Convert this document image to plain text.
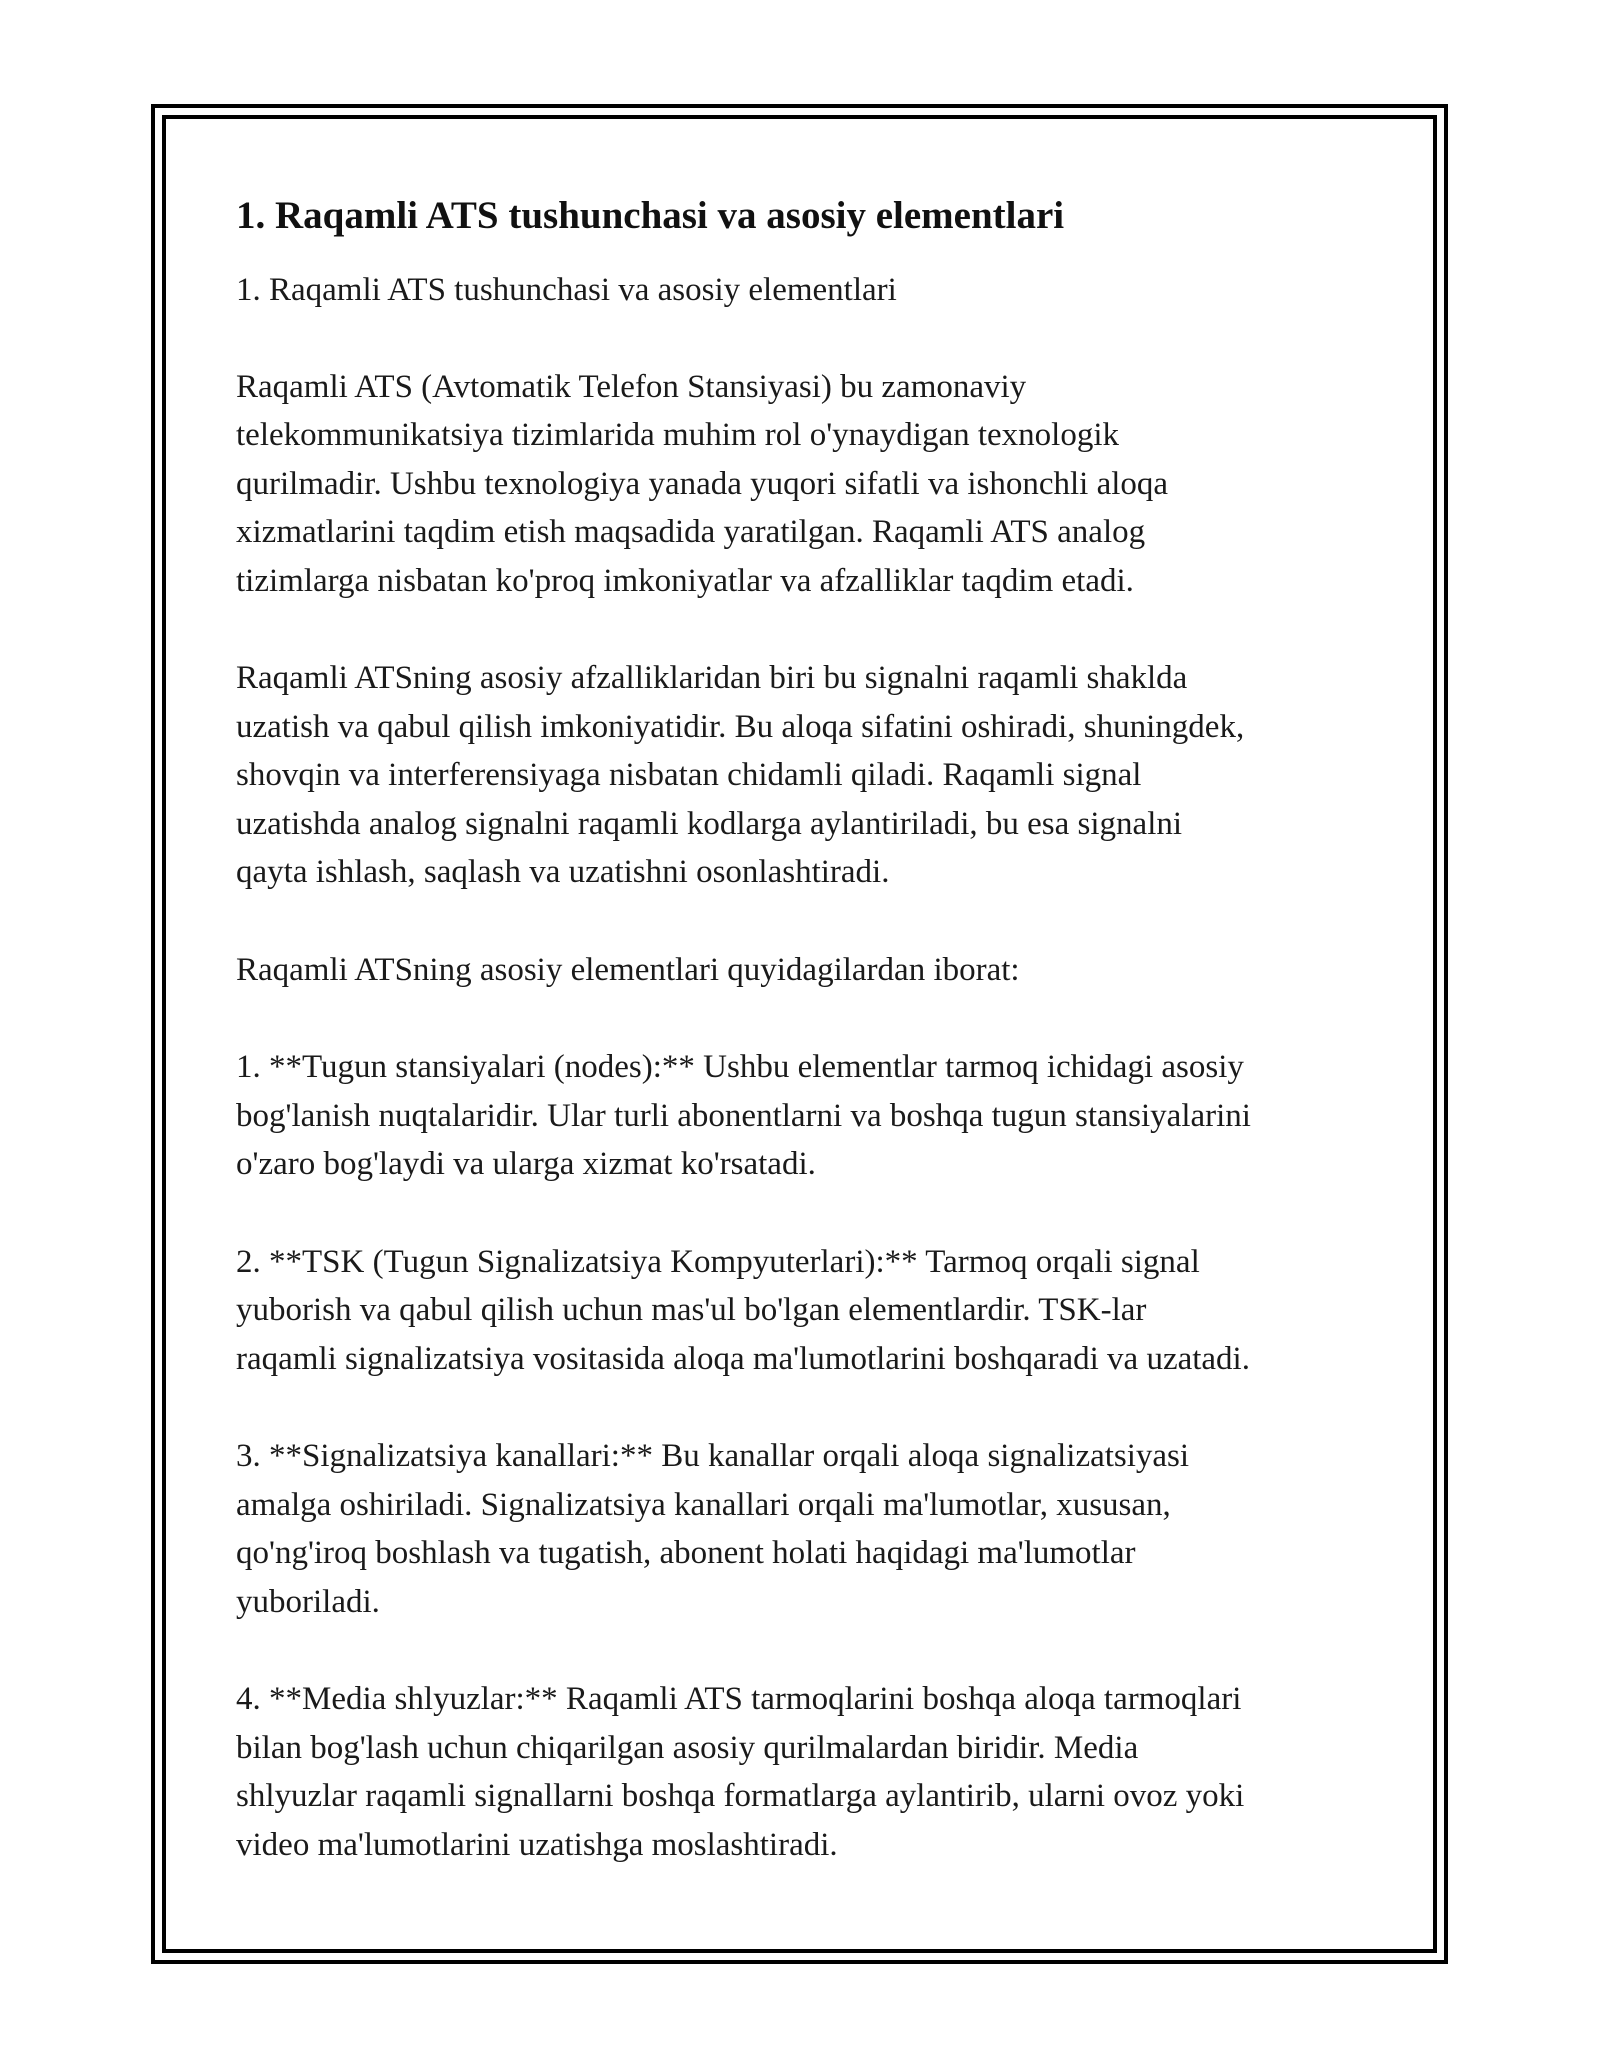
1. Raqamli ATS tushunchasi va asosiy elementlari

1. Raqamli ATS tushunchasi va asosiy elementlari

Raqamli ATS (Avtomatik Telefon Stansiyasi) bu zamonaviy
telekommunikatsiya tizimlarida muhim rol o'ynaydigan texnologik
qurilmadir. Ushbu texnologiya yanada yuqori sifatli va ishonchli aloqa
xizmatlarini taqdim etish maqsadida yaratilgan. Raqamli ATS analog
tizimlarga nisbatan ko'proq imkoniyatlar va afzalliklar taqdim etadi.

Raqamli ATSning asosiy afzalliklaridan biri bu signalni raqamli shakldа
uzatish va qabul qilish imkoniyatidir. Bu aloqa sifatini oshiradi, shuningdek,
shovqin va interferensiyaga nisbatan chidamli qiladi. Raqamli signal
uzatishda analog signalni raqamli kodlarga aylantiriladi, bu esa signalni
qayta ishlash, saqlash va uzatishni osonlashtiradi.

Raqamli ATSning asosiy elementlari quyidagilardan iborat:

1. **Tugun stansiyalari (nodes):** Ushbu elementlar tarmoq ichidagi asosiy
bog'lanish nuqtalaridir. Ular turli abonentlarni va boshqa tugun stansiyalarini
o'zaro bog'laydi va ularga xizmat ko'rsatadi.

2. **TSK (Tugun Signalizatsiya Kompyuterlari):** Tarmoq orqali signal
yuborish va qabul qilish uchun mas'ul bo'lgan elementlardir. TSK-lar
raqamli signalizatsiya vositasida aloqa ma'lumotlarini boshqaradi va uzatadi.

3. **Signalizatsiya kanallari:** Bu kanallar orqali aloqa signalizatsiyasi
amalga oshiriladi. Signalizatsiya kanallari orqali ma'lumotlar, xususan,
qo'ng'iroq boshlash va tugatish, abonent holati haqidagi ma'lumotlar
yuboriladi.

4. **Media shlyuzlar:** Raqamli ATS tarmoqlarini boshqa aloqa tarmoqlari
bilan bog'lash uchun chiqarilgan asosiy qurilmalardan biridir. Media
shlyuzlar raqamli signallarni boshqa formatlarga aylantirib, ularni ovoz yoki
video ma'lumotlarini uzatishga moslashtiradi.
